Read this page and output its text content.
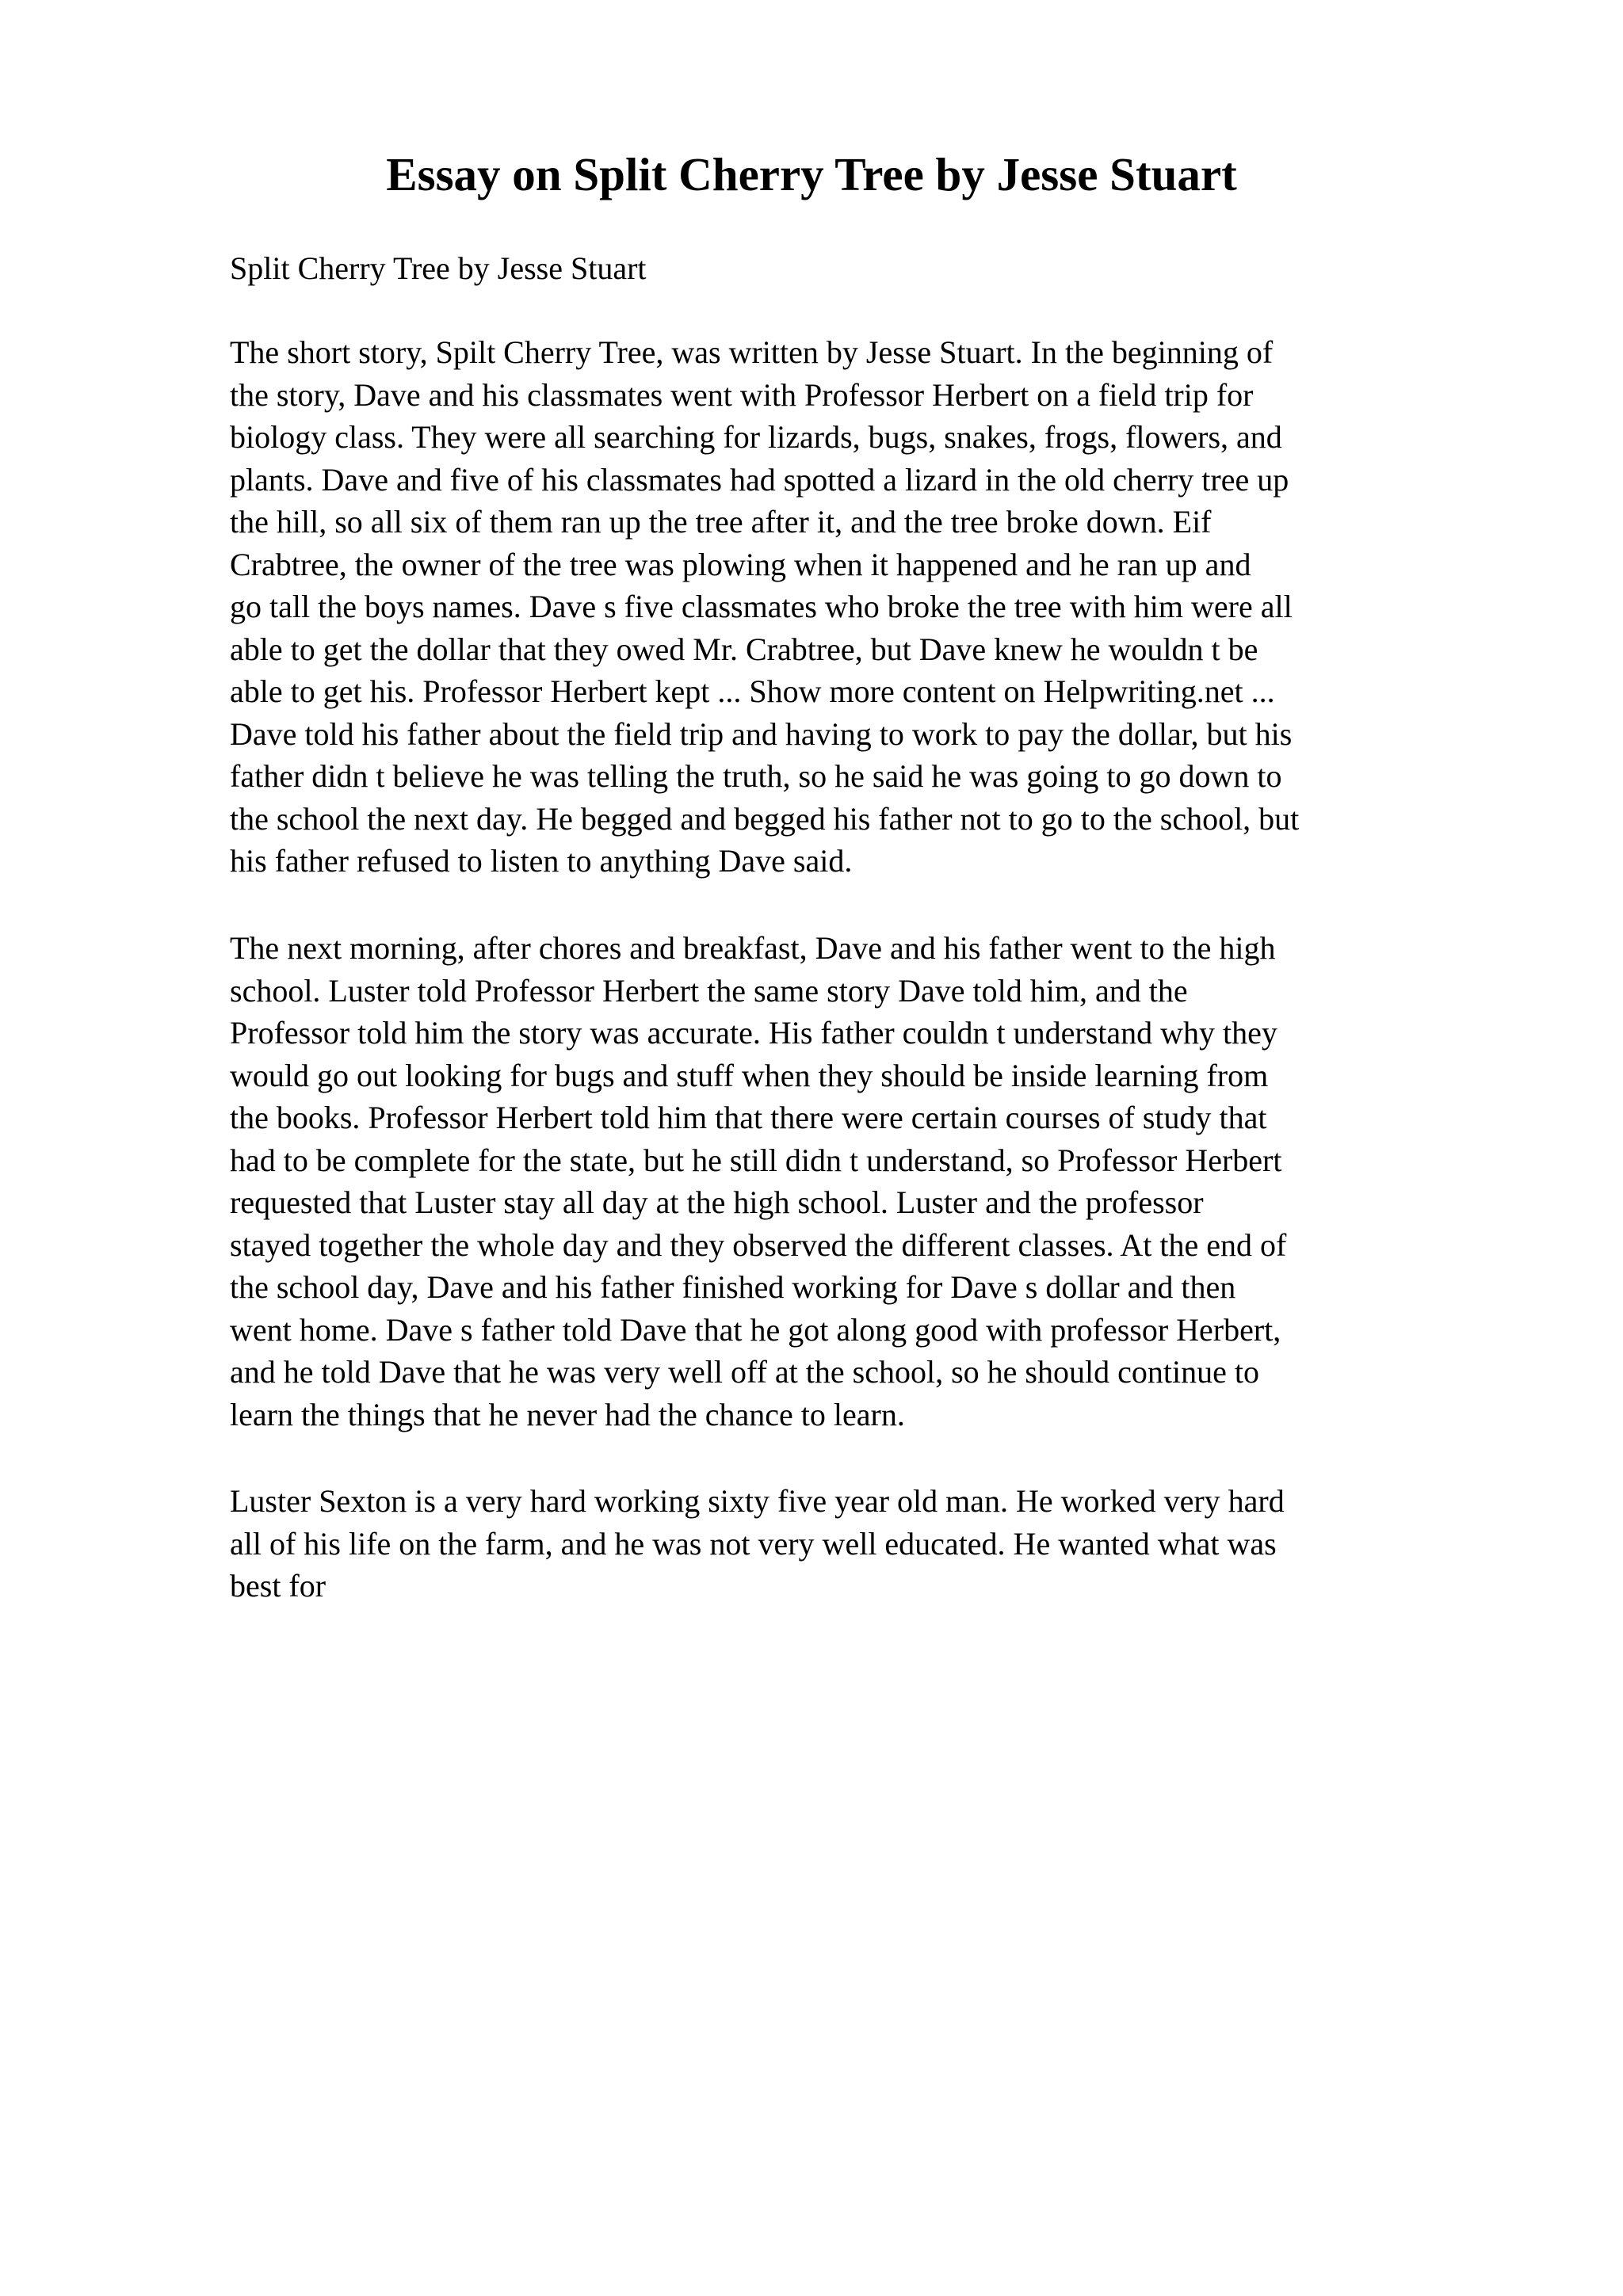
Essay on Split Cherry Tree by Jesse Stuart

Split Cherry Tree by Jesse Stuart

The short story, Spilt Cherry Tree, was written by Jesse Stuart. In the beginning of
the story, Dave and his classmates went with Professor Herbert on a field trip for
biology class. They were all searching for lizards, bugs, snakes, frogs, flowers, and
plants. Dave and five of his classmates had spotted a lizard in the old cherry tree up
the hill, so all six of them ran up the tree after it, and the tree broke down. Eif
Crabtree, the owner of the tree was plowing when it happened and he ran up and
go tall the boys names. Dave s five classmates who broke the tree with him were all
able to get the dollar that they owed Mr. Crabtree, but Dave knew he wouldn t be
able to get his. Professor Herbert kept ... Show more content on Helpwriting.net ...
Dave told his father about the field trip and having to work to pay the dollar, but his
father didn t believe he was telling the truth, so he said he was going to go down to
the school the next day. He begged and begged his father not to go to the school, but
his father refused to listen to anything Dave said.

The next morning, after chores and breakfast, Dave and his father went to the high
school. Luster told Professor Herbert the same story Dave told him, and the
Professor told him the story was accurate. His father couldn t understand why they
would go out looking for bugs and stuff when they should be inside learning from
the books. Professor Herbert told him that there were certain courses of study that
had to be complete for the state, but he still didn t understand, so Professor Herbert
requested that Luster stay all day at the high school. Luster and the professor
stayed together the whole day and they observed the different classes. At the end of
the school day, Dave and his father finished working for Dave s dollar and then
went home. Dave s father told Dave that he got along good with professor Herbert,
and he told Dave that he was very well off at the school, so he should continue to
learn the things that he never had the chance to learn.

Luster Sexton is a very hard working sixty five year old man. He worked very hard
all of his life on the farm, and he was not very well educated. He wanted what was
best for
